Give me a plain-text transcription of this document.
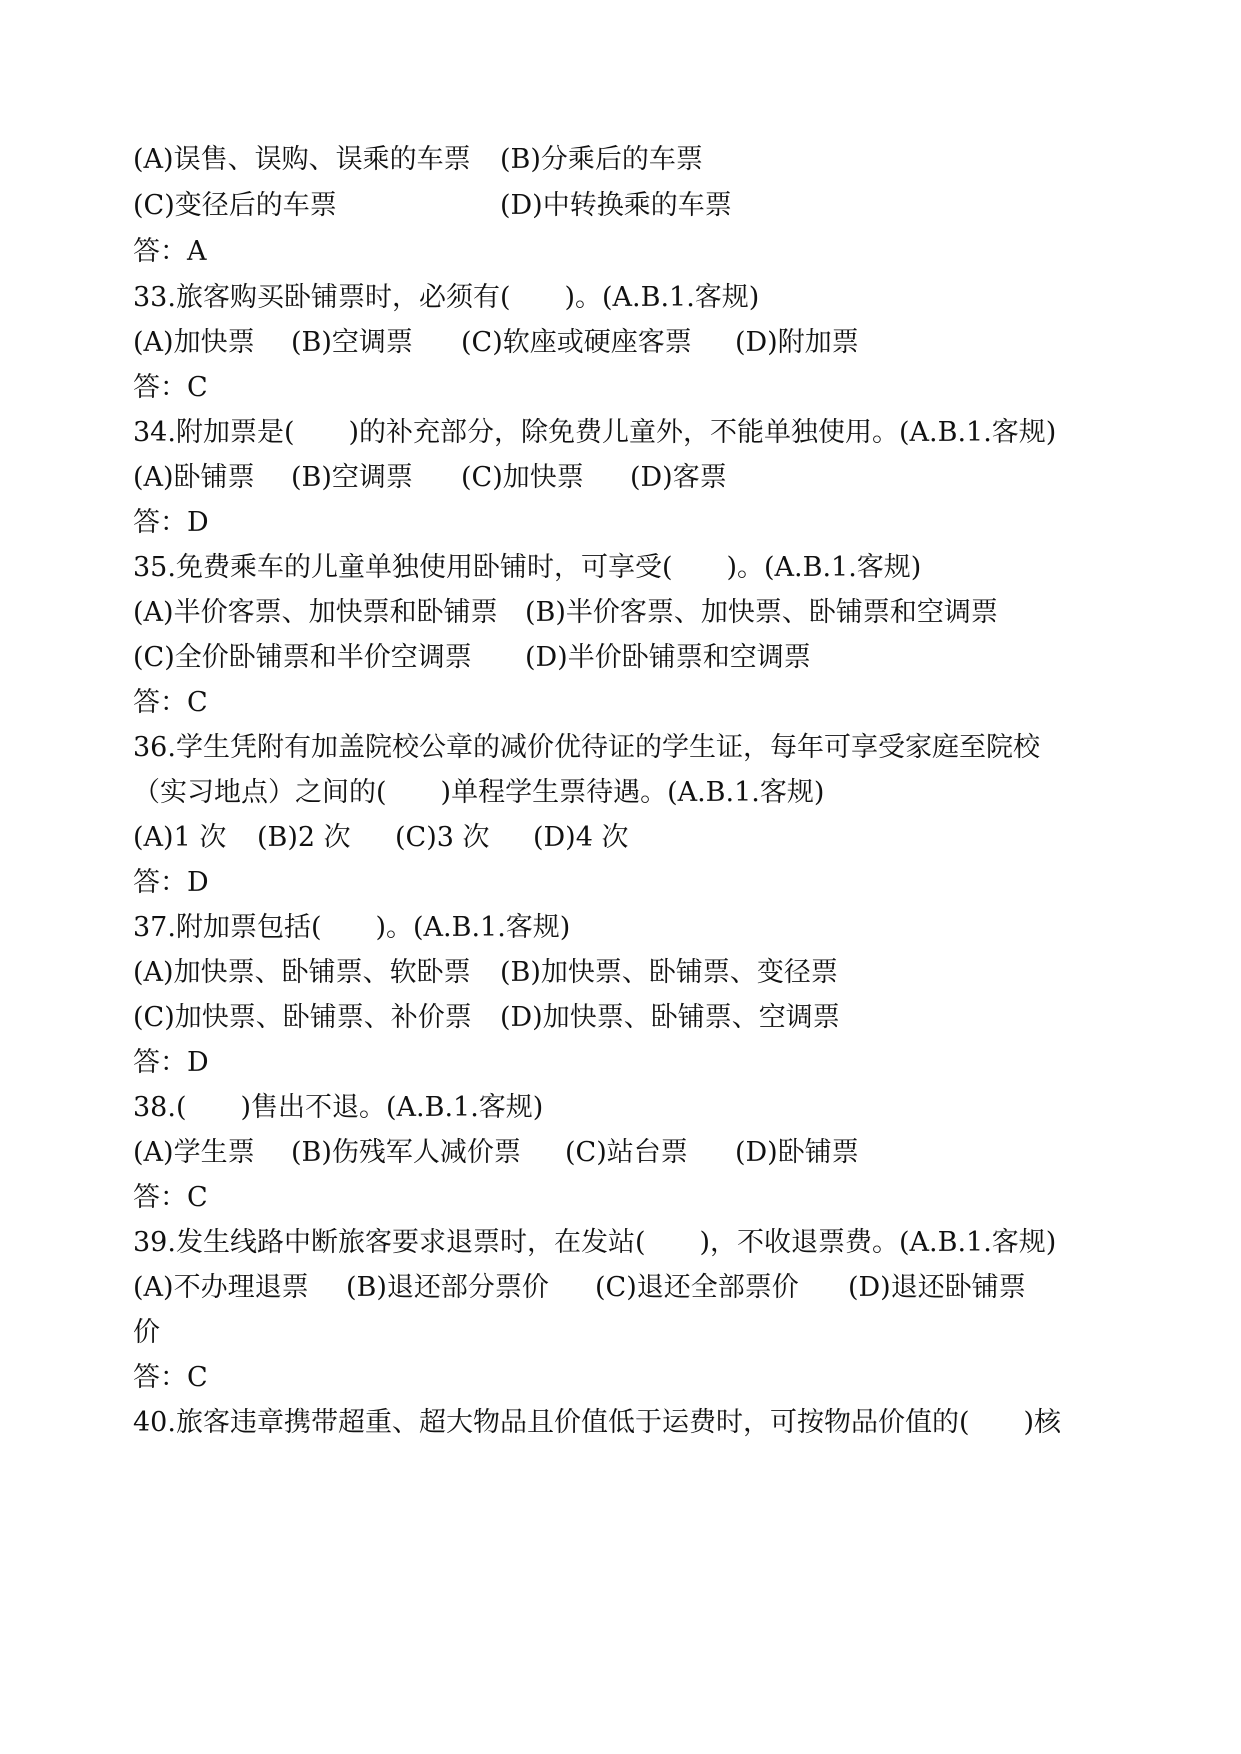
(A)误售、误购、误乘的车票 (B)分乘后的车票
(C)变径后的车票	(D)中转换乘的车票
答：A
33.旅客购买卧铺票时，必须有(　　)。(A.B.1.客规)
(A)加快票 (B)空调票 (C)软座或硬座客票 (D)附加票
答：C
34.附加票是(　　)的补充部分，除免费儿童外，不能单独使用。(A.B.1.客规)
(A)卧铺票 (B)空调票 (C)加快票 (D)客票
答：D
35.免费乘车的儿童单独使用卧铺时，可享受(　　)。(A.B.1.客规)
(A)半价客票、加快票和卧铺票 (B)半价客票、加快票、卧铺票和空调票
(C)全价卧铺票和半价空调票 (D)半价卧铺票和空调票
答：C
36.学生凭附有加盖院校公章的减价优待证的学生证，每年可享受家庭至院校
（实习地点）之间的(　　)单程学生票待遇。(A.B.1.客规)
(A)1 次 (B)2 次 (C)3 次 (D)4 次
答：D
37.附加票包括(　　)。(A.B.1.客规)
(A)加快票、卧铺票、软卧票 (B)加快票、卧铺票、变径票
(C)加快票、卧铺票、补价票 (D)加快票、卧铺票、空调票
答：D
38.(　　)售出不退。(A.B.1.客规)
(A)学生票 (B)伤残军人减价票 (C)站台票 (D)卧铺票
答：C
39.发生线路中断旅客要求退票时，在发站(　　)，不收退票费。(A.B.1.客规)
(A)不办理退票 (B)退还部分票价 (C)退还全部票价 (D)退还卧铺票
价
答：C
40.旅客违章携带超重、超大物品且价值低于运费时，可按物品价值的(　　)核
